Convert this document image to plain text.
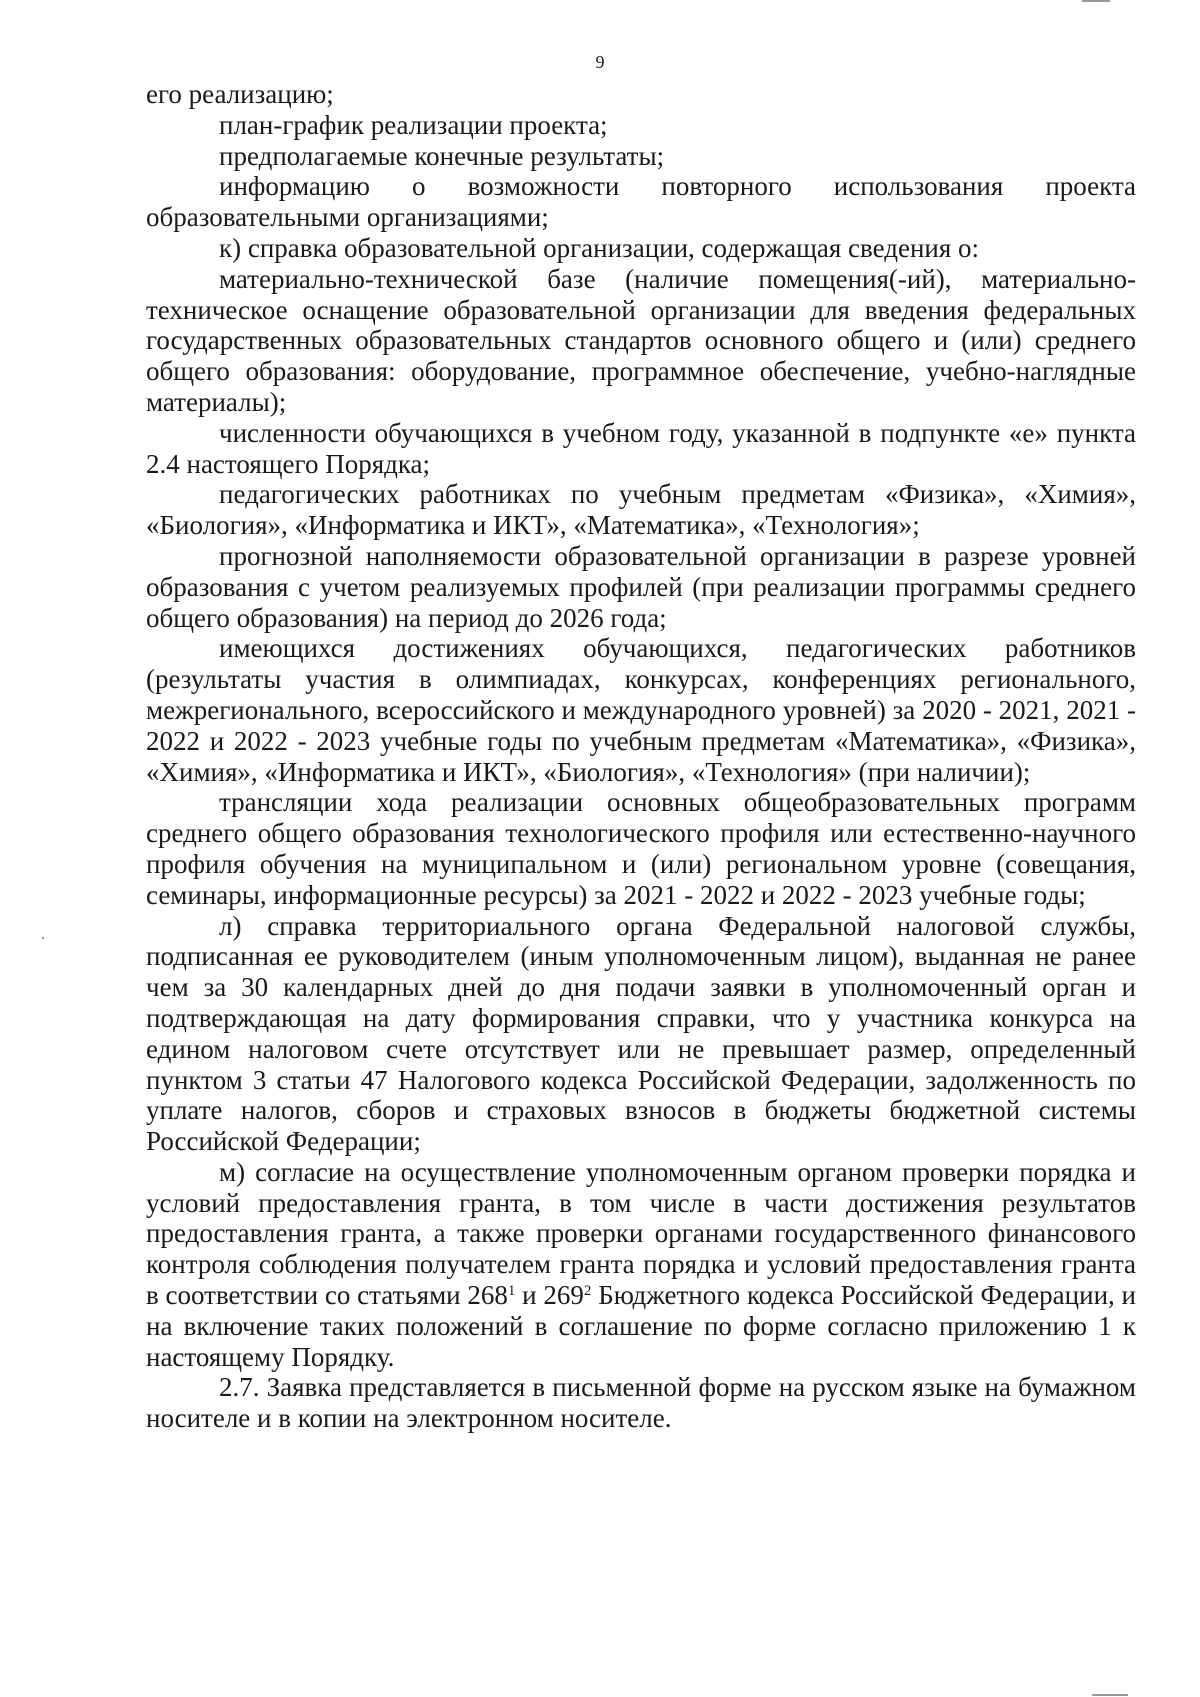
9

его реализацию;

план-график реализации проекта;

предполагаемые конечные результаты;

информацию о возможности повторного использования проекта образовательными организациями;

к) справка образовательной организации, содержащая сведения о:

материально-технической базе (наличие помещения(-ий), материально-техническое оснащение образовательной организации для введения федеральных государственных образовательных стандартов основного общего и (или) среднего общего образования: оборудование, программное обеспечение, учебно-наглядные материалы);

численности обучающихся в учебном году, указанной в подпункте «е» пункта 2.4 настоящего Порядка;

педагогических работниках по учебным предметам «Физика», «Химия», «Биология», «Информатика и ИКТ», «Математика», «Технология»;

прогнозной наполняемости образовательной организации в разрезе уровней образования с учетом реализуемых профилей (при реализации программы среднего общего образования) на период до 2026 года;

имеющихся достижениях обучающихся, педагогических работников (результаты участия в олимпиадах, конкурсах, конференциях регионального, межрегионального, всероссийского и международного уровней) за 2020 - 2021, 2021 - 2022 и 2022 - 2023 учебные годы по учебным предметам «Математика», «Физика», «Химия», «Информатика и ИКТ», «Биология», «Технология» (при наличии);

трансляции хода реализации основных общеобразовательных программ среднего общего образования технологического профиля или естественно-научного профиля обучения на муниципальном и (или) региональном уровне (совещания, семинары, информационные ресурсы) за 2021 - 2022 и 2022 - 2023 учебные годы;

л) справка территориального органа Федеральной налоговой службы, подписанная ее руководителем (иным уполномоченным лицом), выданная не ранее чем за 30 календарных дней до дня подачи заявки в уполномоченный орган и подтверждающая на дату формирования справки, что у участника конкурса на едином налоговом счете отсутствует или не превышает размер, определенный пунктом 3 статьи 47 Налогового кодекса Российской Федерации, задолженность по уплате налогов, сборов и страховых взносов в бюджеты бюджетной системы Российской Федерации;

м) согласие на осуществление уполномоченным органом проверки порядка и условий предоставления гранта, в том числе в части достижения результатов предоставления гранта, а также проверки органами государственного финансового контроля соблюдения получателем гранта порядка и условий предоставления гранта в соответствии со статьями $268^1$ и $269^2$ Бюджетного кодекса Российской Федерации, и на включение таких положений в соглашение по форме согласно приложению 1 к настоящему Порядку.

2.7. Заявка представляется в письменной форме на русском языке на бумажном носителе и в копии на электронном носителе.
